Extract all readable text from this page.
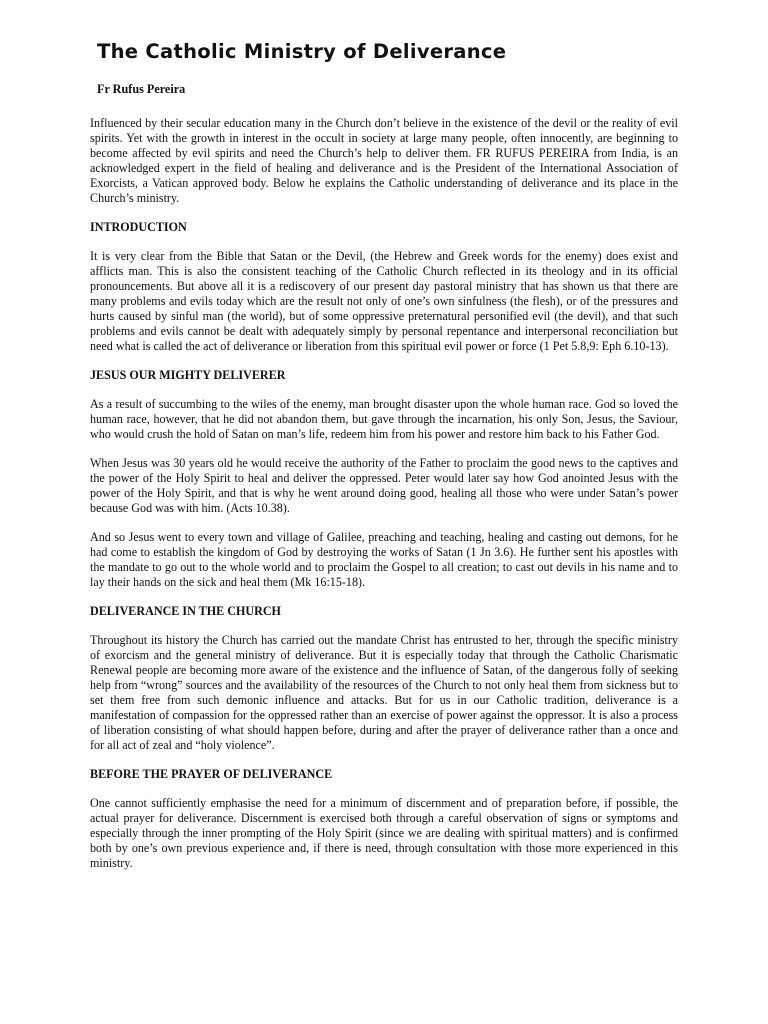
The Catholic Ministry of Deliverance
Fr Rufus Pereira

Influenced by their secular education many in the Church don’t believe in the existence of the devil or the reality of evil spirits. Yet with the growth in interest in the occult in society at large many people, often innocently, are beginning to become affected by evil spirits and need the Church’s help to deliver them. FR RUFUS PEREIRA from India, is an acknowledged expert in the field of healing and deliverance and is the President of the International Association of Exorcists, a Vatican approved body. Below he explains the Catholic understanding of deliverance and its place in the Church’s ministry.

INTRODUCTION

It is very clear from the Bible that Satan or the Devil, (the Hebrew and Greek words for the enemy) does exist and afflicts man. This is also the consistent teaching of the Catholic Church reflected in its theology and in its official pronouncements. But above all it is a rediscovery of our present day pastoral ministry that has shown us that there are many problems and evils today which are the result not only of one’s own sinfulness (the flesh), or of the pressures and hurts caused by sinful man (the world), but of some oppressive preternatural personified evil (the devil), and that such problems and evils cannot be dealt with adequately simply by personal repentance and interpersonal reconciliation but need what is called the act of deliverance or liberation from this spiritual evil power or force (1 Pet 5.8,9: Eph 6.10-13).

JESUS OUR MIGHTY DELIVERER

As a result of succumbing to the wiles of the enemy, man brought disaster upon the whole human race. God so loved the human race, however, that he did not abandon them, but gave through the incarnation, his only Son, Jesus, the Saviour, who would crush the hold of Satan on man’s life, redeem him from his power and restore him back to his Father God.

When Jesus was 30 years old he would receive the authority of the Father to proclaim the good news to the captives and the power of the Holy Spirit to heal and deliver the oppressed. Peter would later say how God anointed Jesus with the power of the Holy Spirit, and that is why he went around doing good, healing all those who were under Satan’s power because God was with him. (Acts 10.38).

And so Jesus went to every town and village of Galilee, preaching and teaching, healing and casting out demons, for he had come to establish the kingdom of God by destroying the works of Satan (1 Jn 3.6). He further sent his apostles with the mandate to go out to the whole world and to proclaim the Gospel to all creation; to cast out devils in his name and to lay their hands on the sick and heal them (Mk 16:15-18).

DELIVERANCE IN THE CHURCH

Throughout its history the Church has carried out the mandate Christ has entrusted to her, through the specific ministry of exorcism and the general ministry of deliverance. But it is especially today that through the Catholic Charismatic Renewal people are becoming more aware of the existence and the influence of Satan, of the dangerous folly of seeking help from “wrong” sources and the availability of the resources of the Church to not only heal them from sickness but to set them free from such demonic influence and attacks. But for us in our Catholic tradition, deliverance is a manifestation of compassion for the oppressed rather than an exercise of power against the oppressor. It is also a process of liberation consisting of what should happen before, during and after the prayer of deliverance rather than a once and for all act of zeal and “holy violence”.

BEFORE THE PRAYER OF DELIVERANCE

One cannot sufficiently emphasise the need for a minimum of discernment and of preparation before, if possible, the actual prayer for deliverance. Discernment is exercised both through a careful observation of signs or symptoms and especially through the inner prompting of the Holy Spirit (since we are dealing with spiritual matters) and is confirmed both by one’s own previous experience and, if there is need, through consultation with those more experienced in this ministry.
